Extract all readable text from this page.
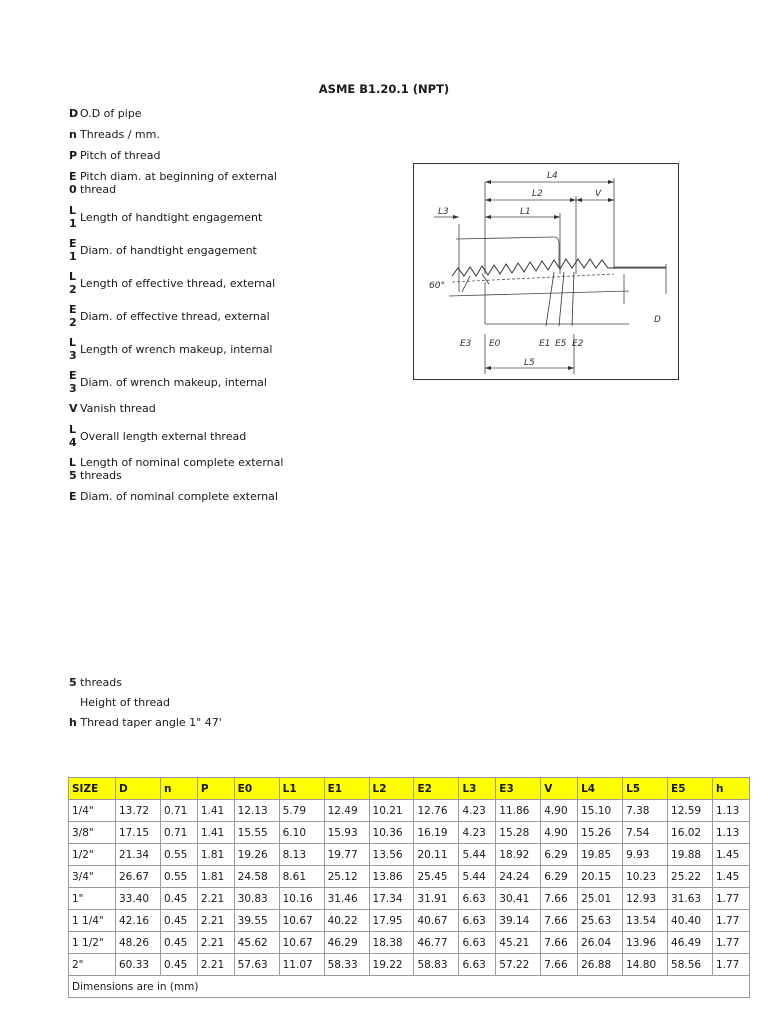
ASME B1.20.1 (NPT)
D O.D of pipe
n Threads / mm.
P Pitch of thread
E Pitch diam. at beginning of external
0 thread
L
1 Length of handtight engagement
E
1 Diam. of handtight engagement
L
2 Length of effective thread, external
E
2 Diam. of effective thread, external
L
3 Length of wrench makeup, internal
E
3 Diam. of wrench makeup, internal
V Vanish thread
L
4 Overall length external thread
L Length of nominal complete external
5 threads
E Diam. of nominal complete external
L4
L2	V
L3	L1
60°
D
E3 E0	E1 E5 E2
L5
5 threads
Height of thread
h Thread taper angle 1" 47'
SIZE	D	n	P	E0	L1	E1	L2	E2	L3	E3	V	L4	L5	E5	h
1/4"	13.72	0.71	1.41	12.13	5.79	12.49	10.21	12.76	4.23	11.86	4.90	15.10	7.38	12.59	1.13
3/8"	17.15	0.71	1.41	15.55	6.10	15.93	10.36	16.19	4.23	15.28	4.90	15.26	7.54	16.02	1.13
1/2"	21.34	0.55	1.81	19.26	8.13	19.77	13.56	20.11	5.44	18.92	6.29	19.85	9.93	19.88	1.45
3/4"	26.67	0.55	1.81	24.58	8.61	25.12	13.86	25.45	5.44	24.24	6.29	20.15	10.23	25.22	1.45
1"	33.40	0.45	2.21	30.83	10.16	31.46	17.34	31.91	6.63	30.41	7.66	25.01	12.93	31.63	1.77
1 1/4"	42.16	0.45	2.21	39.55	10.67	40.22	17.95	40.67	6.63	39.14	7.66	25.63	13.54	40.40	1.77
1 1/2"	48.26	0.45	2.21	45.62	10.67	46.29	18.38	46.77	6.63	45.21	7.66	26.04	13.96	46.49	1.77
2"	60.33	0.45	2.21	57.63	11.07	58.33	19.22	58.83	6.63	57.22	7.66	26.88	14.80	58.56	1.77
Dimensions are in (mm)															
